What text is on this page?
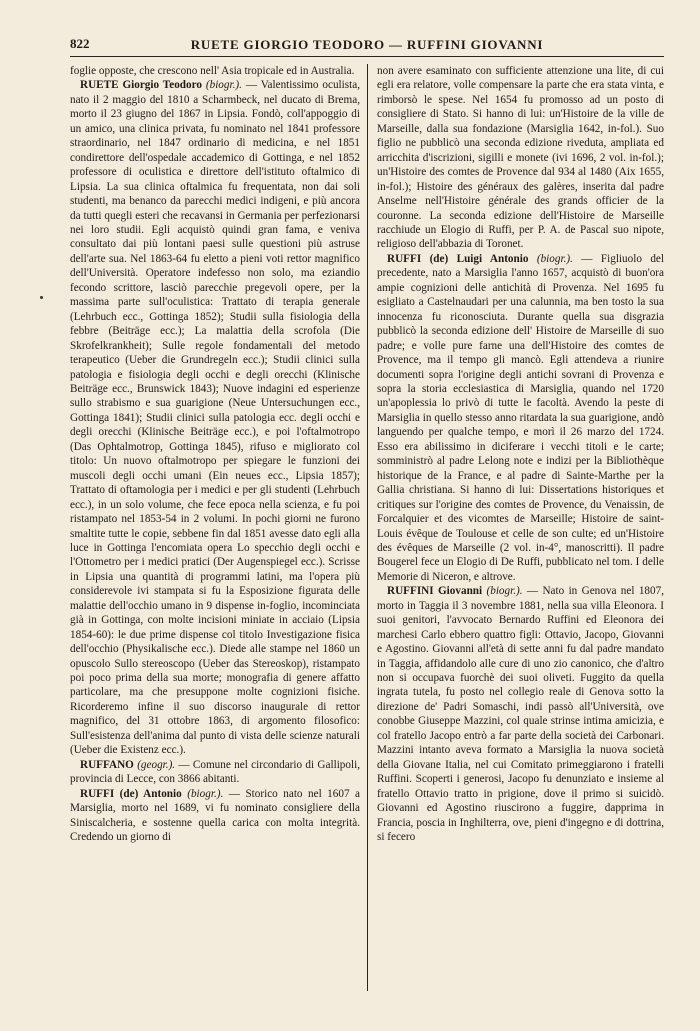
822	RUETE GIORGIO TEODORO — RUFFINI GIOVANNI

foglie opposte, che crescono nell' Asia tropicale ed in Australia.

RUETE Giorgio Teodoro (biogr.). — Valentissimo oculista, nato il 2 maggio del 1810 a Scharmbeck, nel ducato di Brema, morto il 23 giugno del 1867 in Lipsia. Fondò, coll'appoggio di un amico, una clinica privata, fu nominato nel 1841 professore straordinario, nel 1847 ordinario di medicina, e nel 1851 condirettore dell'ospedale accademico di Gottinga, e nel 1852 professore di oculistica e direttore dell'istituto oftalmico di Lipsia. La sua clinica oftalmica fu frequentata, non dai soli studenti, ma benanco da parecchi medici indigeni, e più ancora da tutti quegli esteri che recavansi in Germania per perfezionarsi nei loro studii. Egli acquistò quindi gran fama, e veniva consultato dai più lontani paesi sulle questioni più astruse dell'arte sua. Nel 1863-64 fu eletto a pieni voti rettor magnifico dell'Università. Operatore indefesso non solo, ma eziandio fecondo scrittore, lasciò parecchie pregevoli opere, per la massima parte sull'oculistica: Trattato di terapia generale (Lehrbuch ecc., Gottinga 1852); Studii sulla fisiologia della febbre (Beiträge ecc.); La malattia della scrofola (Die Skrofelkrankheit); Sulle regole fondamentali del metodo terapeutico (Ueber die Grundregeln ecc.); Studii clinici sulla patologia e fisiologia degli occhi e degli orecchi (Klinische Beiträge ecc., Brunswick 1843); Nuove indagini ed esperienze sullo strabismo e sua guarigione (Neue Untersuchungen ecc., Gottinga 1841); Studii clinici sulla patologia ecc. degli occhi e degli orecchi (Klinische Beiträge ecc.), e poi l'oftalmotropo (Das Ophtalmotrop, Gottinga 1845), rifuso e migliorato col titolo: Un nuovo oftalmotropo per spiegare le funzioni dei muscoli degli occhi umani (Ein neues ecc., Lipsia 1857); Trattato di oftamologia per i medici e per gli studenti (Lehrbuch ecc.), in un solo volume, che fece epoca nella scienza, e fu poi ristampato nel 1853-54 in 2 volumi. In pochi giorni ne furono smaltite tutte le copie, sebbene fin dal 1851 avesse dato egli alla luce in Gottinga l'encomiata opera Lo specchio degli occhi e l'Ottometro per i medici pratici (Der Augenspiegel ecc.). Scrisse in Lipsia una quantità di programmi latini, ma l'opera più considerevole ivi stampata si fu la Esposizione figurata delle malattie dell'occhio umano in 9 dispense in-foglio, incominciata già in Gottinga, con molte incisioni miniate in acciaio (Lipsia 1854-60): le due prime dispense col titolo Investigazione fisica dell'occhio (Physikalische ecc.). Diede alle stampe nel 1860 un opuscolo Sullo stereoscopo (Ueber das Stereoskop), ristampato poi poco prima della sua morte; monografia di genere affatto particolare, ma che presuppone molte cognizioni fisiche. Ricorderemo infine il suo discorso inaugurale di rettor magnifico, del 31 ottobre 1863, di argomento filosofico: Sull'esistenza dell'anima dal punto di vista delle scienze naturali (Ueber die Existenz ecc.).

RUFFANO (geogr.). — Comune nel circondario di Gallipoli, provincia di Lecce, con 3866 abitanti.

RUFFI (de) Antonio (biogr.). — Storico nato nel 1607 a Marsiglia, morto nel 1689, vi fu nominato consigliere della Siniscalcheria, e sostenne quella carica con molta integrità. Credendo un giorno di

non avere esaminato con sufficiente attenzione una lite, di cui egli era relatore, volle compensare la parte che era stata vinta, e rimborsò le spese. Nel 1654 fu promosso ad un posto di consigliere di Stato. Si hanno di lui: un'Histoire de la ville de Marseille, dalla sua fondazione (Marsiglia 1642, in-fol.). Suo figlio ne pubblicò una seconda edizione riveduta, ampliata ed arricchita d'iscrizioni, sigilli e monete (ivi 1696, 2 vol. in-fol.); un'Histoire des comtes de Provence dal 934 al 1480 (Aix 1655, in-fol.); Histoire des généraux des galères, inserita dal padre Anselme nell'Histoire générale des grands officier de la couronne. La seconda edizione dell'Histoire de Marseille racchiude un Elogio di Ruffi, per P. A. de Pascal suo nipote, religioso dell'abbazia di Toronet.

RUFFI (de) Luigi Antonio (biogr.). — Figliuolo del precedente, nato a Marsiglia l'anno 1657, acquistò di buon'ora ampie cognizioni delle antichità di Provenza. Nel 1695 fu esigliato a Castelnaudari per una calunnia, ma ben tosto la sua innocenza fu riconosciuta. Durante quella sua disgrazia pubblicò la seconda edizione dell' Histoire de Marseille di suo padre; e volle pure farne una dell'Histoire des comtes de Provence, ma il tempo gli mancò. Egli attendeva a riunire documenti sopra l'origine degli antichi sovrani di Provenza e sopra la storia ecclesiastica di Marsiglia, quando nel 1720 un'apoplessia lo privò di tutte le facoltà. Avendo la peste di Marsiglia in quello stesso anno ritardata la sua guarigione, andò languendo per qualche tempo, e morì il 26 marzo del 1724. Esso era abilissimo in diciferare i vecchi titoli e le carte; somministrò al padre Lelong note e indizi per la Bibliothèque historique de la France, e al padre di Sainte-Marthe per la Gallia christiana. Si hanno di lui: Dissertations historiques et critiques sur l'origine des comtes de Provence, du Venaissin, de Forcalquier et des vicomtes de Marseille; Histoire de saint-Louis évêque de Toulouse et celle de son culte; ed un'Histoire des évêques de Marseille (2 vol. in-4°, manoscritti). Il padre Bougerel fece un Elogio di De Ruffi, pubblicato nel tom. I delle Memorie di Niceron, e altrove.

RUFFINI Giovanni (biogr.). — Nato in Genova nel 1807, morto in Taggia il 3 novembre 1881, nella sua villa Eleonora. I suoi genitori, l'avvocato Bernardo Ruffini ed Eleonora dei marchesi Carlo ebbero quattro figli: Ottavio, Jacopo, Giovanni e Agostino. Giovanni all'età di sette anni fu dal padre mandato in Taggia, affidandolo alle cure di uno zio canonico, che d'altro non si occupava fuorchè dei suoi oliveti. Fuggito da quella ingrata tutela, fu posto nel collegio reale di Genova sotto la direzione de' Padri Somaschi, indi passò all'Università, ove conobbe Giuseppe Mazzini, col quale strinse intima amicizia, e col fratello Jacopo entrò a far parte della società dei Carbonari. Mazzini intanto aveva formato a Marsiglia la nuova società della Giovane Italia, nel cui Comitato primeggiarono i fratelli Ruffini. Scoperti i generosi, Jacopo fu denunziato e insieme al fratello Ottavio tratto in prigione, dove il primo si suicidò. Giovanni ed Agostino riuscirono a fuggire, dapprima in Francia, poscia in Inghilterra, ove, pieni d'ingegno e di dottrina, si fecero
